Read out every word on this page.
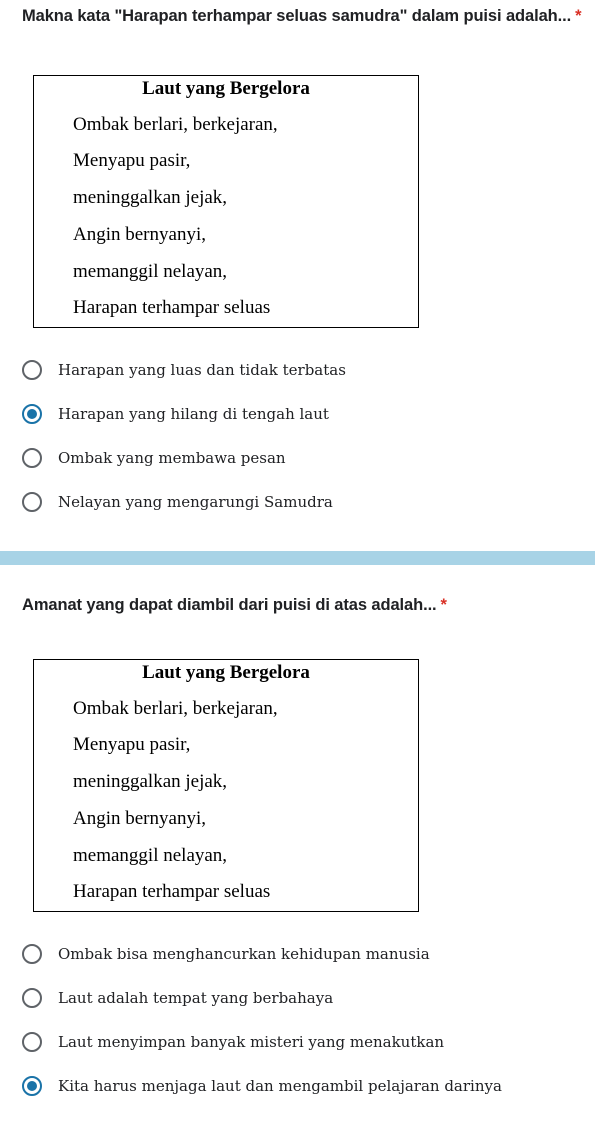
Makna kata "Harapan terhampar seluas samudra" dalam puisi adalah... *
Laut yang Bergelora
Ombak berlari, berkejaran,
Menyapu pasir,
meninggalkan jejak,
Angin bernyanyi,
memanggil nelayan,
Harapan terhampar seluas
Harapan yang luas dan tidak terbatas
Harapan yang hilang di tengah laut
Ombak yang membawa pesan
Nelayan yang mengarungi Samudra
Amanat yang dapat diambil dari puisi di atas adalah... *
Laut yang Bergelora
Ombak berlari, berkejaran,
Menyapu pasir,
meninggalkan jejak,
Angin bernyanyi,
memanggil nelayan,
Harapan terhampar seluas
Ombak bisa menghancurkan kehidupan manusia
Laut adalah tempat yang berbahaya
Laut menyimpan banyak misteri yang menakutkan
Kita harus menjaga laut dan mengambil pelajaran darinya
